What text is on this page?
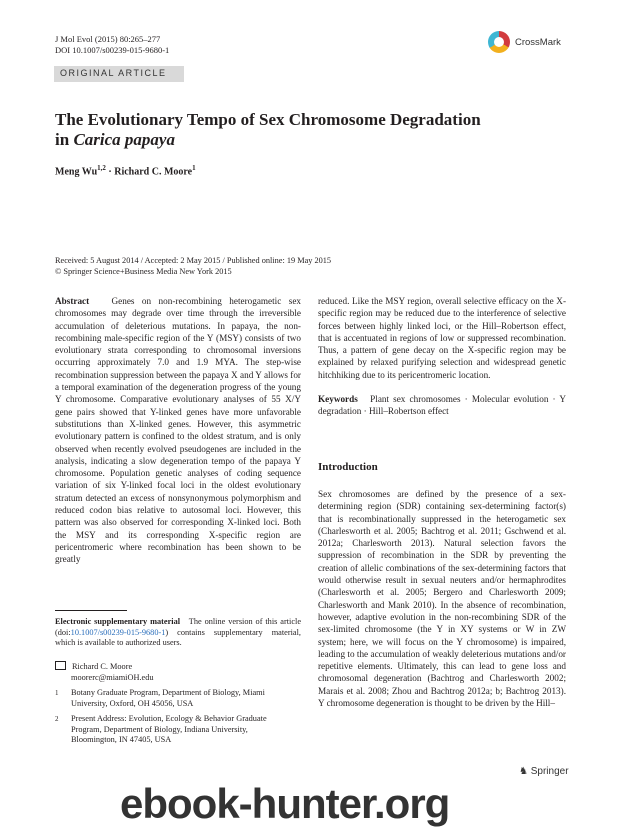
J Mol Evol (2015) 80:265–277
DOI 10.1007/s00239-015-9680-1
CrossMark
ORIGINAL ARTICLE
The Evolutionary Tempo of Sex Chromosome Degradation
in Carica papaya
Meng Wu$^{1,2}$ · Richard C. Moore$^1$
Received: 5 August 2014 / Accepted: 2 May 2015 / Published online: 19 May 2015
© Springer Science+Business Media New York 2015
Abstract Genes on non-recombining heterogametic sex chromosomes may degrade over time through the irreversible accumulation of deleterious mutations. In papaya, the non-recombining male-specific region of the Y (MSY) consists of two evolutionary strata corresponding to chromosomal inversions occurring approximately 7.0 and 1.9 MYA. The step-wise recombination suppression between the papaya X and Y allows for a temporal examination of the degeneration progress of the young Y chromosome. Comparative evolutionary analyses of 55 X/Y gene pairs showed that Y-linked genes have more unfavorable substitutions than X-linked genes. However, this asymmetric evolutionary pattern is confined to the oldest stratum, and is only observed when recently evolved pseudogenes are included in the analysis, indicating a slow degeneration tempo of the papaya Y chromosome. Population genetic analyses of coding sequence variation of six Y-linked focal loci in the oldest evolutionary stratum detected an excess of nonsynonymous polymorphism and reduced codon bias relative to autosomal loci. However, this pattern was also observed for corresponding X-linked loci. Both the MSY and its corresponding X-specific region are pericentromeric where recombination has been shown to be greatly
reduced. Like the MSY region, overall selective efficacy on the X-specific region may be reduced due to the interference of selective forces between highly linked loci, or the Hill–Robertson effect, that is accentuated in regions of low or suppressed recombination. Thus, a pattern of gene decay on the X-specific region may be explained by relaxed purifying selection and widespread genetic hitchhiking due to its pericentromeric location.
Keywords Plant sex chromosomes · Molecular evolution · Y degradation · Hill–Robertson effect
Electronic supplementary material The online version of this article (doi:10.1007/s00239-015-9680-1) contains supplementary material, which is available to authorized users.
Richard C. Moore
moorerc@miamiOH.edu
1	Botany Graduate Program, Department of Biology, Miami University, Oxford, OH 45056, USA
2	Present Address: Evolution, Ecology & Behavior Graduate Program, Department of Biology, Indiana University, Bloomington, IN 47405, USA
Introduction
Sex chromosomes are defined by the presence of a sex-determining region (SDR) containing sex-determining factor(s) that is recombinationally suppressed in the heterogametic sex (Charlesworth et al. 2005; Bachtrog et al. 2011; Gschwend et al. 2012a; Charlesworth 2013). Natural selection favors the suppression of recombination in the SDR by preventing the creation of allelic combinations of the sex-determining factors that would otherwise result in sexual neuters and/or hermaphrodites (Charlesworth et al. 2005; Bergero and Charlesworth 2009; Charlesworth and Mank 2010). In the absence of recombination, however, adaptive evolution in the non-recombining SDR of the sex-limited chromosome (the Y in XY systems or W in ZW system; here, we will focus on the Y chromosome) is impaired, leading to the accumulation of weakly deleterious mutations and/or repetitive elements. Ultimately, this can lead to gene loss and chromosomal degeneration (Bachtrog and Charlesworth 2002; Marais et al. 2008; Zhou and Bachtrog 2012a; b; Bachtrog 2013). Y chromosome degeneration is thought to be driven by the Hill–
♞ Springer
ebook-hunter.org
